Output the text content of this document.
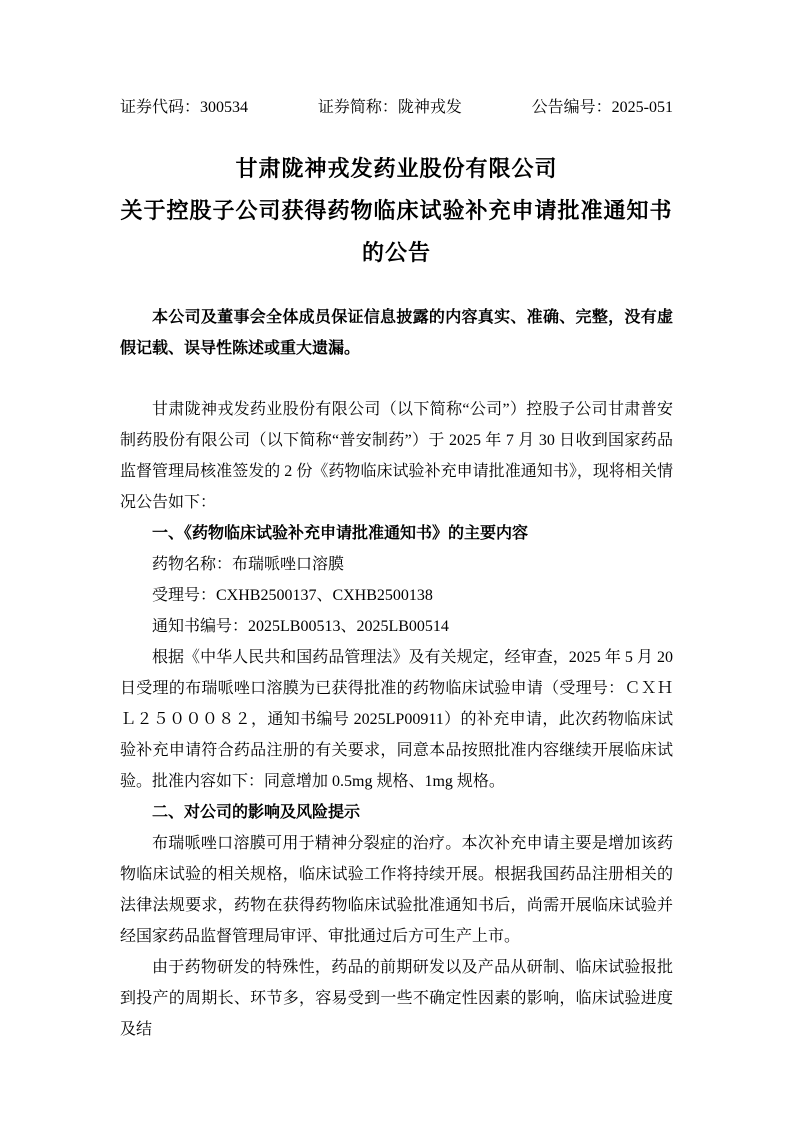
证券代码：300534	证券简称：陇神戎发	公告编号：2025-051
甘肃陇神戎发药业股份有限公司
关于控股子公司获得药物临床试验补充申请批准通知书
的公告

本公司及董事会全体成员保证信息披露的内容真实、准确、完整，没有虚假记载、误导性陈述或重大遗漏。

甘肃陇神戎发药业股份有限公司（以下简称“公司”）控股子公司甘肃普安制药股份有限公司（以下简称“普安制药”）于 2025 年 7 月 30 日收到国家药品监督管理局核准签发的 2 份《药物临床试验补充申请批准通知书》，现将相关情况公告如下：

一、《药物临床试验补充申请批准通知书》的主要内容

药物名称：布瑞哌唑口溶膜

受理号：CXHB2500137、CXHB2500138

通知书编号：2025LB00513、2025LB00514

根据《中华人民共和国药品管理法》及有关规定，经审查，2025 年 5 月 20 日受理的布瑞哌唑口溶膜为已获得批准的药物临床试验申请（受理号：ＣＸＨＬ２５０００８２，通知书编号 2025LP00911）的补充申请，此次药物临床试验补充申请符合药品注册的有关要求，同意本品按照批准内容继续开展临床试验。批准内容如下：同意增加 0.5mg 规格、1mg 规格。

二、对公司的影响及风险提示

布瑞哌唑口溶膜可用于精神分裂症的治疗。本次补充申请主要是增加该药物临床试验的相关规格，临床试验工作将持续开展。根据我国药品注册相关的法律法规要求，药物在获得药物临床试验批准通知书后，尚需开展临床试验并经国家药品监督管理局审评、审批通过后方可生产上市。

由于药物研发的特殊性，药品的前期研发以及产品从研制、临床试验报批到投产的周期长、环节多，容易受到一些不确定性因素的影响，临床试验进度及结
